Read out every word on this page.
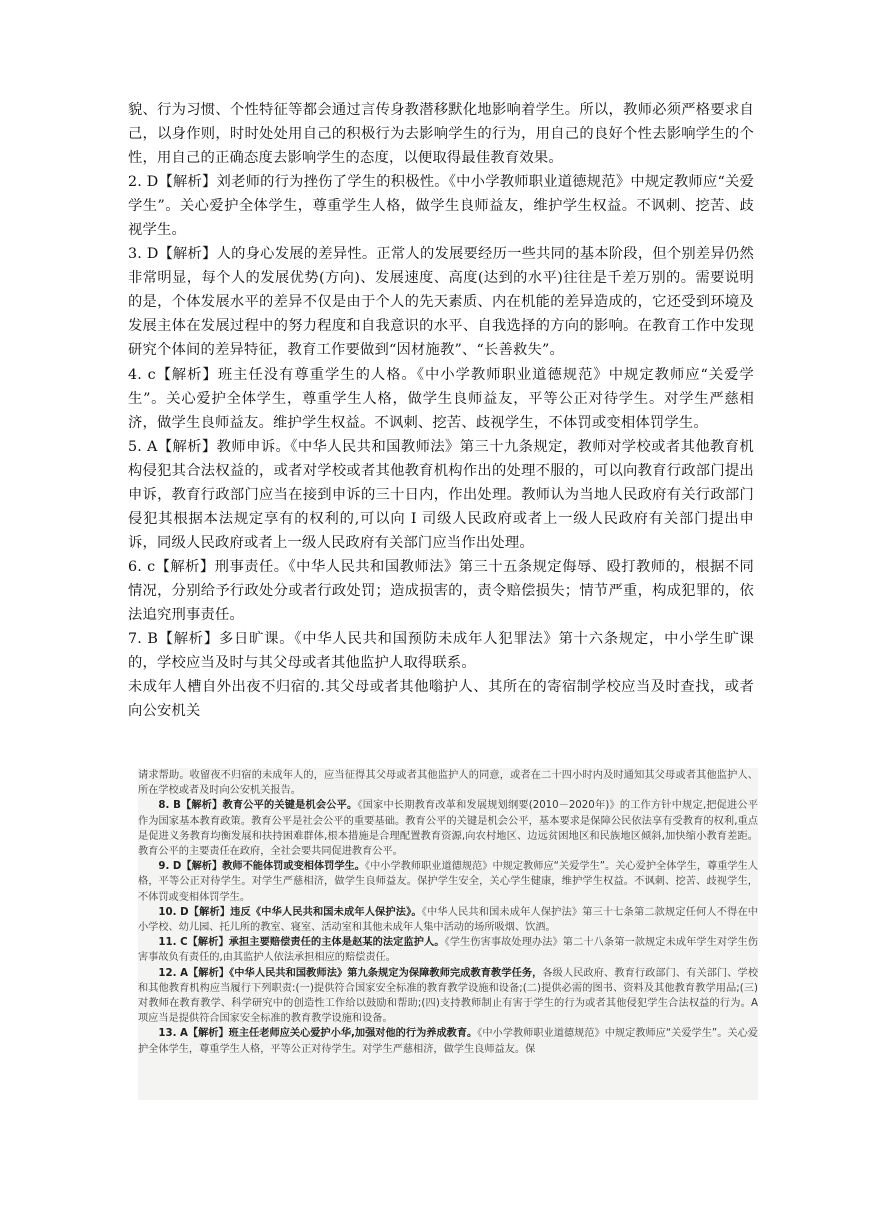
貌、行为习惯、个性特征等都会通过言传身教潜移默化地影响着学生。所以，教师必须严格要求自己，以身作则，时时处处用自己的积极行为去影响学生的行为，用自己的良好个性去影响学生的个性，用自己的正确态度去影响学生的态度，以便取得最佳教育效果。

2. D【解析】刘老师的行为挫伤了学生的积极性。《中小学教师职业道德规范》中规定教师应“关爱学生”。关心爱护全体学生，尊重学生人格，做学生良师益友，维护学生权益。不讽刺、挖苦、歧视学生。

3. D【解析】人的身心发展的差异性。正常人的发展要经历一些共同的基本阶段，但个别差异仍然非常明显，每个人的发展优势(方向)、发展速度、高度(达到的水平)往往是千差万别的。需要说明的是，个体发展水平的差异不仅是由于个人的先天素质、内在机能的差异造成的，它还受到环境及发展主体在发展过程中的努力程度和自我意识的水平、自我选择的方向的影响。在教育工作中发现研究个体间的差异特征，教育工作要做到“因材施教”、“长善救失”。

4. c【解析】班主任没有尊重学生的人格。《中小学教师职业道德规范》中规定教师应“关爱学生”。关心爱护全体学生，尊重学生人格，做学生良师益友，平等公正对待学生。对学生严慈相济，做学生良师益友。维护学生权益。不讽刺、挖苦、歧视学生，不体罚或变相体罚学生。

5. A【解析】教师申诉。《中华人民共和国教师法》第三十九条规定，教师对学校或者其他教育机构侵犯其合法权益的，或者对学校或者其他教育机构作出的处理不服的，可以向教育行政部门提出申诉，教育行政部门应当在接到申诉的三十日内，作出处理。教师认为当地人民政府有关行政部门侵犯其根据本法规定享有的权利的,可以向 I 司级人民政府或者上一级人民政府有关部门提出申诉，同级人民政府或者上一级人民政府有关部门应当作出处理。

6. c【解析】刑事责任。《中华人民共和国教师法》第三十五条规定侮辱、殴打教师的，根据不同情况，分别给予行政处分或者行政处罚；造成损害的，责令赔偿损失；情节严重，构成犯罪的，依法追究刑事责任。

7. B【解析】多日旷课。《中华人民共和国预防未成年人犯罪法》第十六条规定，中小学生旷课的，学校应当及时与其父母或者其他监护人取得联系。

未成年人槽自外出夜不归宿的.其父母或者其他嗡护人、其所在的寄宿制学校应当及时查找，或者向公安机关

请求帮助。收留夜不归宿的未成年人的，应当征得其父母或者其他监护人的同意，或者在二十四小时内及时通知其父母或者其他监护人、所在学校或者及时向公安机关报告。

8. B【解析】教育公平的关键是机会公平。《国家中长期教育改革和发展规划纲要(2010－2020年)》的工作方针中规定,把促进公平作为国家基本教育政策。教育公平是社会公平的重要基础。教育公平的关键是机会公平，基本要求是保障公民依法享有受教育的权利,重点是促进义务教育均衡发展和扶持困难群体,根本措施是合理配置教育资源,向农村地区、边远贫困地区和民族地区倾斜,加快缩小教育差距。教育公平的主要责任在政府，全社会要共同促进教育公平。

9. D【解析】教师不能体罚或变相体罚学生。《中小学教师职业道德规范》中规定教师应“关爱学生”。关心爱护全体学生，尊重学生人格，平等公正对待学生。对学生严慈相济，做学生良师益友。保护学生安全，关心学生健康，维护学生权益。不讽刺、挖苦、歧视学生，不体罚或变相体罚学生。

10. D【解析】违反《中华人民共和国未成年人保护法》。《中华人民共和国未成年人保护法》第三十七条第二款规定任何人不得在中小学校、幼儿园、托儿所的教室、寝室、活动室和其他未成年人集中活动的场所吸烟、饮酒。

11. C【解析】承担主要赔偿责任的主体是赵某的法定监护人。《学生伤害事故处理办法》第二十八条第一款规定未成年学生对学生伤害事故负有责任的,由其监护人依法承担相应的赔偿责任。

12. A【解析】《中华人民共和国教师法》第九条规定为保障教师完成教育教学任务，各级人民政府、教育行政部门、有关部门、学校和其他教育机构应当履行下列职责:(一)提供符合国家安全标准的教育教学设施和设备;(二)提供必需的图书、资料及其他教育教学用品;(三)对教师在教育教学、科学研究中的创造性工作给以鼓励和帮助;(四)支持教师制止有害于学生的行为或者其他侵犯学生合法权益的行为。A 项应当是提供符合国家安全标准的教育教学设施和设备。

13. A【解析】班主任老师应关心爱护小华,加强对他的行为养成教育。《中小学教师职业道德规范》中规定教师应“关爱学生”。关心爱护全体学生，尊重学生人格，平等公正对待学生。对学生严慈相济，做学生良师益友。保
